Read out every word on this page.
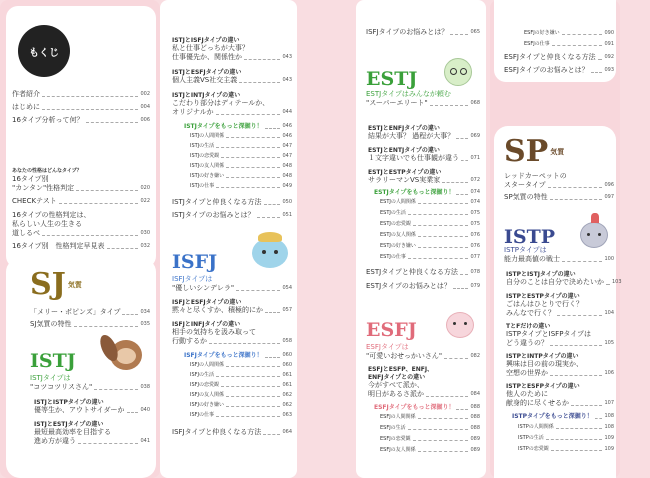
もくじ
作者紹介	002
はじめに	004
16タイプ分析って何？	006
あなたの性格はどんなタイプ？
16タイプ別
"カンタン"性格判定	020
CHECKテスト	022
16タイプの性格判定は、
私らしい人生の生きる
道しるべ	030
16タイプ別　性格判定早見表	032
SJ $^{気質}$
「メリー・ポピンズ」タイプ	034
SJ気質の特性	035
ISTJ
ISTJタイプは
"コツコツリスさん"	038
ISTJとISTPタイプの違い
優等生か、アウトサイダーか	040
ISTJとESTJタイプの違い
最短最高効率を目指する
進め方が違う	041
ISTJとISFJタイプの違い
私と仕事どっちが大事？
仕事優先か、関係性か	043
ISTJとESFJタイプの違い
個人主義VS社交主義	043
ISTJとINTJタイプの違い
こだわり部分はディテールか、
オリジナルか	044
ISTJタイプをもっと深掘り！	046
ISTJの人間関係	046
ISTJの生活	047
ISTJの恋愛観	047
ISTJの友人関係	048
ISTJの好き嫌い	048
ISTJの仕事	049
ISTJタイプと仲良くなる方法	050
ISTJタイプのお悩みとは？	051
ISFJ
ISFJタイプは
"優しいシンデレラ"	054
ISFJとESFJタイプの違い
黙々と尽くすか、積極的にか	057
ISFJとINFJタイプの違い
相手の気持ちを汲み取って
行動するか	058
ISFJタイプをもっと深掘り！	060
ISFJの人間関係	060
ISFJの生活	061
ISFJの恋愛観	061
ISFJの友人関係	062
ISFJの好き嫌い	062
ISFJの仕事	063
ISFJタイプと仲良くなる方法	064
ISFJタイプのお悩みとは？	065
ESTJ
ESTJタイプはみんなが頼む
"スーパーエリート"	068
ESTJとENFJタイプの違い
結果が大事？ 過程が大事？	069
ESTJとENTJタイプの違い
１文字違いでも仕事観が違う 071
ESTJとESTPタイプの違い
サラリーマンVS実業家	072
ESTJタイプをもっと深掘り！	074
ESTJの人間関係	074
ESTJの生活	075
ESTJの恋愛観	075
ESTJの友人関係	076
ESTJの好き嫌い	076
ESTJの仕事	077
ESTJタイプと仲良くなる方法	078
ESTJタイプのお悩みとは？	079
ESFJ
ESFJタイプは
"可愛いおせっかいさん"	082
ESFJとESFP、ENFJ、
ENFJタイプとの違い
今がすべて派か、
明日があるさ派か	084
ESFJタイプをもっと深掘り！	088
ESFJの人間関係	088
ESFJの生活	088
ESFJの恋愛観	089
ESFJの友人関係	089
ESFJの好き嫌い	090
ESFJの仕事	091
ESFJタイプと仲良くなる方法 092
ESFJタイプのお悩みとは？	093
SP $^{気質}$
レッドカーペットの
スタータイプ	096
SP気質の特性	097
ISTP
ISTPタイプは
能力最高値の戦士	100
ISTPとISTJタイプの違い
自分のことは自分で決めたいか 103
ISTPとESTPタイプの違い
ごはんはひとりで行く？
みんなで行く？	104
TとFだけの違い
ISTPタイプとISFPタイプは
どう違うの？	105
ISTPとINTPタイプの違い
興味は目の前の現実か、
空想の世界か	106
ISTPとESFPタイプの違い
他人のために
献身的に尽くせるか	107
ISTPタイプをもっと深掘り！ 108
ISTPの人間関係	108
ISTPの生活	109
ISTPの恋愛観	109
